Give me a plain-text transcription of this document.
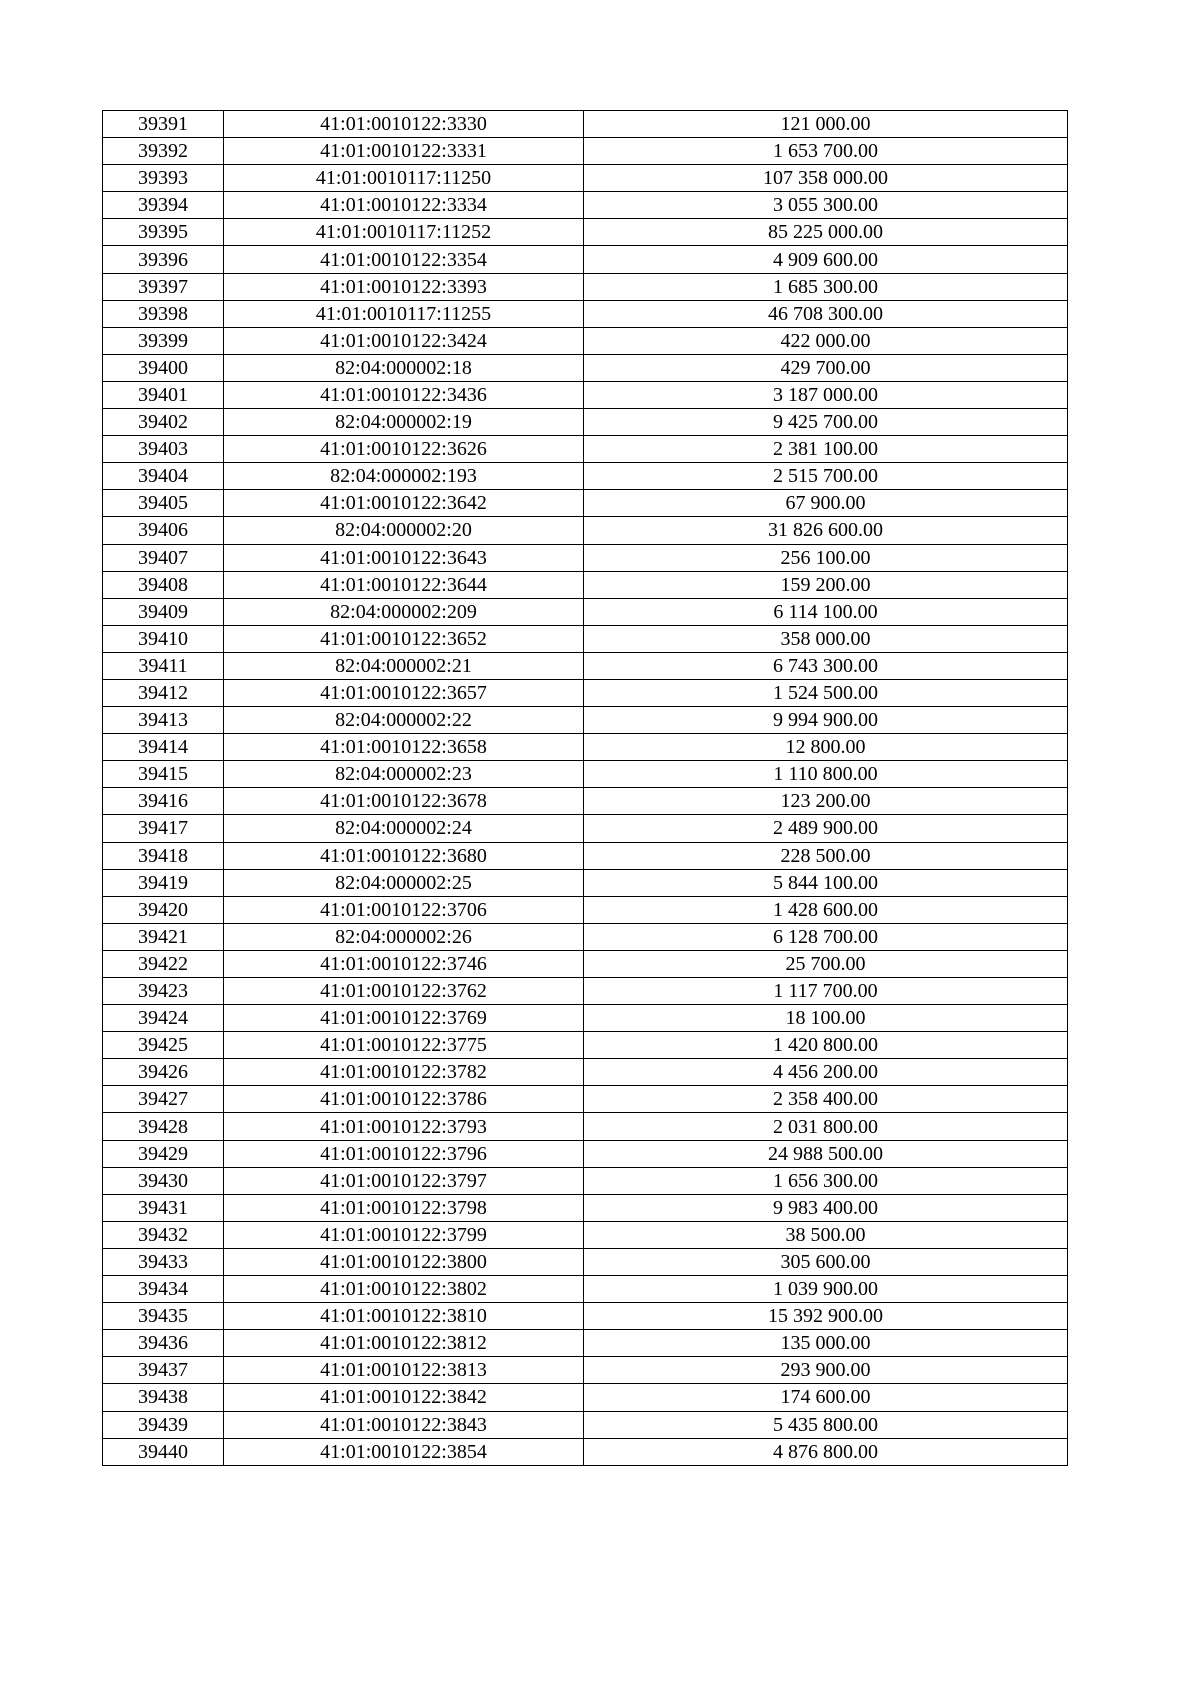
39391	41:01:0010122:3330	121 000.00
39392	41:01:0010122:3331	1 653 700.00
39393	41:01:0010117:11250	107 358 000.00
39394	41:01:0010122:3334	3 055 300.00
39395	41:01:0010117:11252	85 225 000.00
39396	41:01:0010122:3354	4 909 600.00
39397	41:01:0010122:3393	1 685 300.00
39398	41:01:0010117:11255	46 708 300.00
39399	41:01:0010122:3424	422 000.00
39400	82:04:000002:18	429 700.00
39401	41:01:0010122:3436	3 187 000.00
39402	82:04:000002:19	9 425 700.00
39403	41:01:0010122:3626	2 381 100.00
39404	82:04:000002:193	2 515 700.00
39405	41:01:0010122:3642	67 900.00
39406	82:04:000002:20	31 826 600.00
39407	41:01:0010122:3643	256 100.00
39408	41:01:0010122:3644	159 200.00
39409	82:04:000002:209	6 114 100.00
39410	41:01:0010122:3652	358 000.00
39411	82:04:000002:21	6 743 300.00
39412	41:01:0010122:3657	1 524 500.00
39413	82:04:000002:22	9 994 900.00
39414	41:01:0010122:3658	12 800.00
39415	82:04:000002:23	1 110 800.00
39416	41:01:0010122:3678	123 200.00
39417	82:04:000002:24	2 489 900.00
39418	41:01:0010122:3680	228 500.00
39419	82:04:000002:25	5 844 100.00
39420	41:01:0010122:3706	1 428 600.00
39421	82:04:000002:26	6 128 700.00
39422	41:01:0010122:3746	25 700.00
39423	41:01:0010122:3762	1 117 700.00
39424	41:01:0010122:3769	18 100.00
39425	41:01:0010122:3775	1 420 800.00
39426	41:01:0010122:3782	4 456 200.00
39427	41:01:0010122:3786	2 358 400.00
39428	41:01:0010122:3793	2 031 800.00
39429	41:01:0010122:3796	24 988 500.00
39430	41:01:0010122:3797	1 656 300.00
39431	41:01:0010122:3798	9 983 400.00
39432	41:01:0010122:3799	38 500.00
39433	41:01:0010122:3800	305 600.00
39434	41:01:0010122:3802	1 039 900.00
39435	41:01:0010122:3810	15 392 900.00
39436	41:01:0010122:3812	135 000.00
39437	41:01:0010122:3813	293 900.00
39438	41:01:0010122:3842	174 600.00
39439	41:01:0010122:3843	5 435 800.00
39440	41:01:0010122:3854	4 876 800.00
